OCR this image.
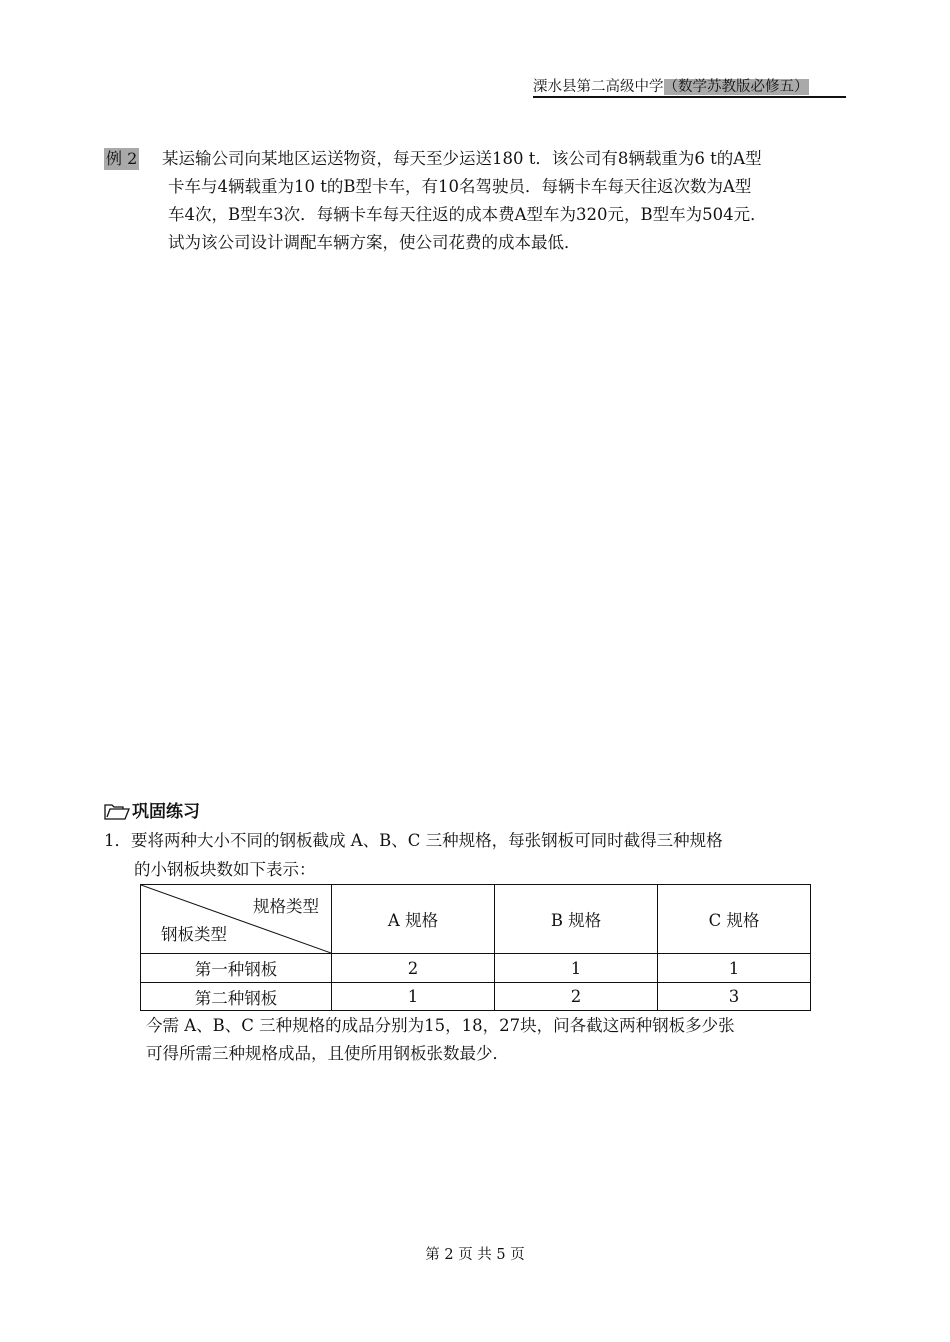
溧水县第二高级中学（数学苏教版必修五）
例 2 某运输公司向某地区运送物资，每天至少运送180 t．该公司有8辆载重为6 t的A型

卡车与4辆载重为10 t的B型卡车，有10名驾驶员．每辆卡车每天往返次数为A型

车4次，B型车3次．每辆卡车每天往返的成本费A型车为320元，B型车为504元．

试为该公司设计调配车辆方案，使公司花费的成本最低．

巩固练习

1．要将两种大小不同的钢板截成 A、B、C 三种规格，每张钢板可同时截得三种规格

的小钢板块数如下表示：

规格类型
钢板类型	A 规格	B 规格	C 规格
第一种钢板	2	1	1
第二种钢板	1	2	3

今需 A、B、C 三种规格的成品分别为15，18，27块，问各截这两种钢板多少张

可得所需三种规格成品，且使所用钢板张数最少．

第 2 页 共 5 页
